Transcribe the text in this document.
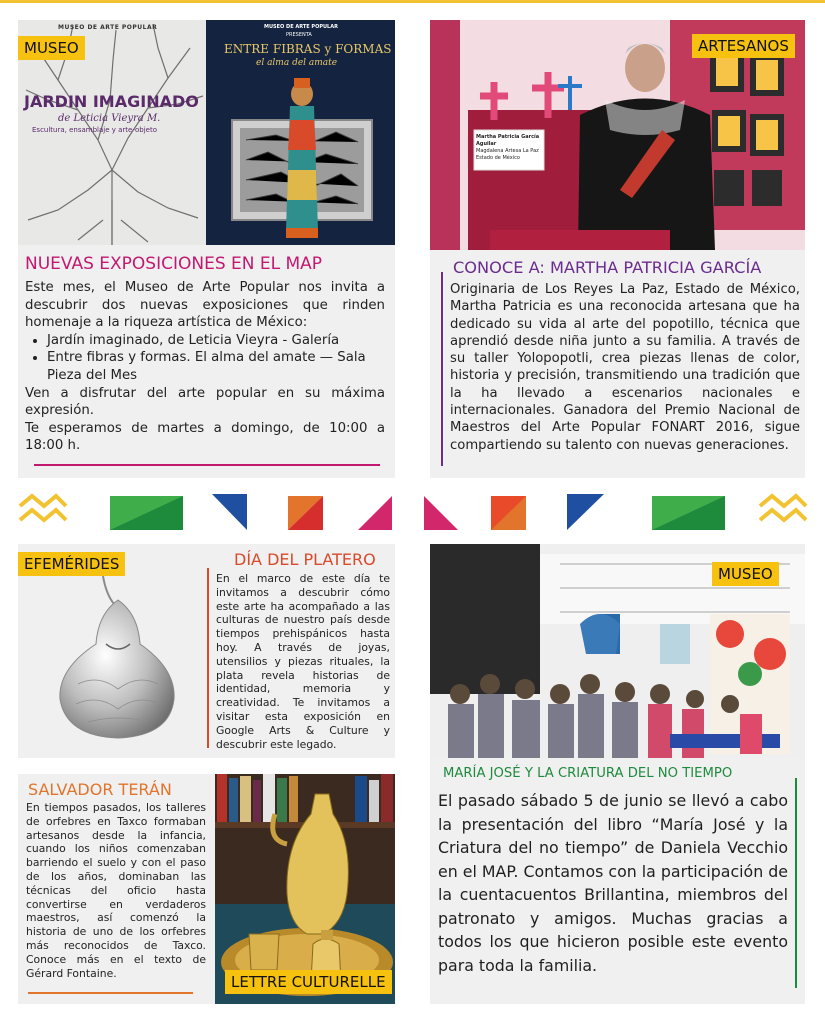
MUSEO DE ARTE POPULAR
JARDIN IMAGINADO
de Leticia Vieyra M.
Escultura, ensamblaje y arte-objeto
MUSEO DE ARTE POPULAR
PRESENTA
ENTRE FIBRAS y FORMAS
el alma del amate
MUSEO
NUEVAS EXPOSICIONES EN EL MAP

Este mes, el Museo de Arte Popular nos invita a descubrir dos nuevas exposiciones que rinden homenaje a la riqueza artística de México:

• Jardín imaginado, de Leticia Vieyra - Galería
• Entre fibras y formas. El alma del amate — Sala Pieza del Mes

Ven a disfrutar del arte popular en su máxima expresión.

Te esperamos de martes a domingo, de 10:00 a 18:00 h.

Martha Patricia García Aguilar
Magdalena Artesa La Paz Estado de México
ARTESANOS
CONOCE A: MARTHA PATRICIA GARCÍA
Originaria de Los Reyes La Paz, Estado de México, Martha Patricia es una reconocida artesana que ha dedicado su vida al arte del popotillo, técnica que aprendió desde niña junto a su familia. A través de su taller Yolopopotli, crea piezas llenas de color, historia y precisión, transmitiendo una tradición que la ha llevado a escenarios nacionales e internacionales. Ganadora del Premio Nacional de Maestros del Arte Popular FONART 2016, sigue compartiendo su talento con nuevas generaciones.
EFEMÉRIDES	DÍA DEL PLATERO
En el marco de este día te invitamos a descubrir cómo este arte ha acompañado a las culturas de nuestro país desde tiempos prehispánicos hasta hoy. A través de joyas, utensilios y piezas rituales, la plata revela historias de identidad, memoria y creatividad. Te invitamos a visitar esta exposición en Google Arts & Culture y descubrir este legado.
SALVADOR TERÁN
En tiempos pasados, los talleres de orfebres en Taxco formaban artesanos desde la infancia, cuando los niños comenzaban barriendo el suelo y con el paso de los años, dominaban las técnicas del oficio hasta convertirse en verdaderos maestros, así comenzó la historia de uno de los orfebres más reconocidos de Taxco. Conoce más en el texto de Gérard Fontaine.	LETTRE CULTURELLE
MUSEO
MARÍA JOSÉ Y LA CRIATURA DEL NO TIEMPO
El pasado sábado 5 de junio se llevó a cabo la presentación del libro “María José y la Criatura del no tiempo” de Daniela Vecchio en el MAP. Contamos con la participación de la cuentacuentos Brillantina, miembros del patronato y amigos. Muchas gracias a todos los que hicieron posible este evento para toda la familia.
